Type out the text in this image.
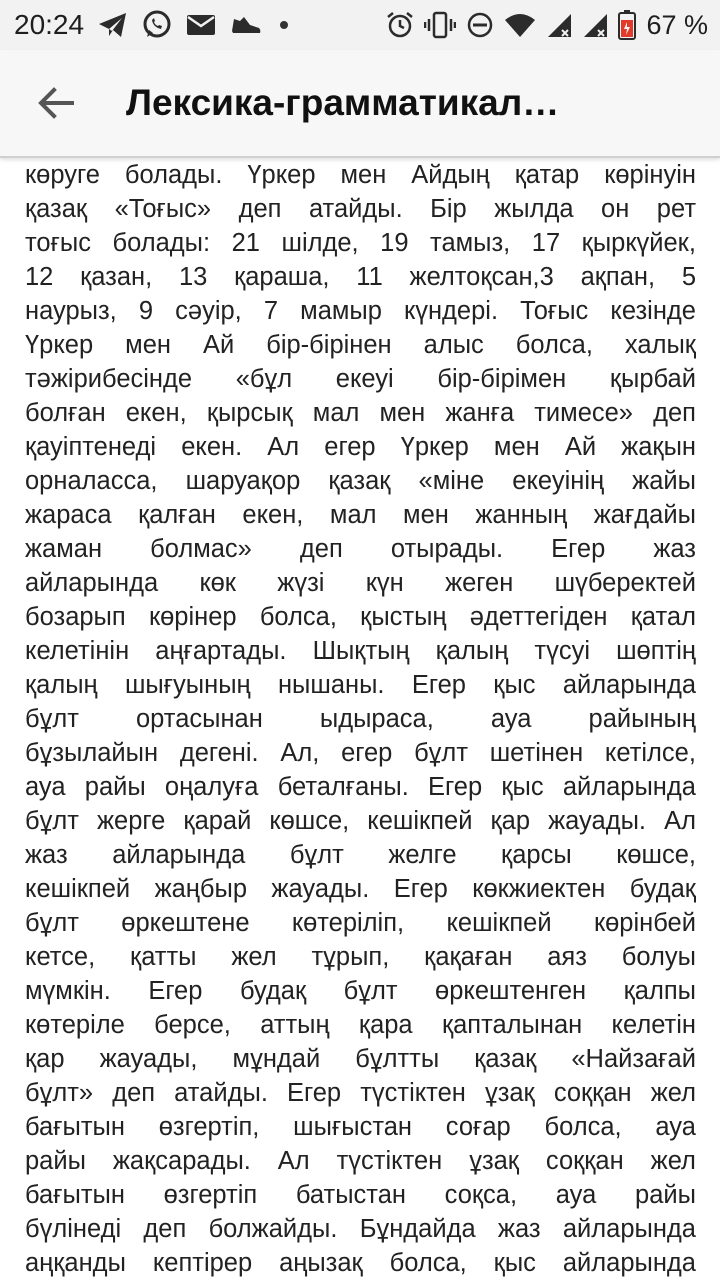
20:24	67 %
Лексика-грамматикал…
көруге болады. Үркер мен Айдың қатар көрінуін
қазақ «Тоғыс» деп атайды. Бір жылда он рет
тоғыс болады: 21 шілде, 19 тамыз, 17 қыркүйек,
12 қазан, 13 қараша, 11 желтоқсан,3 ақпан, 5
наурыз, 9 сәуір, 7 мамыр күндері. Тоғыс кезінде
Үркер мен Ай бір-бірінен алыс болса, халық
тәжірибесінде «бұл екеуі бір-бірімен қырбай
болған екен, қырсық мал мен жанға тимесе» деп
қауіптенеді екен. Ал егер Үркер мен Ай жақын
орналасса, шаруақор қазақ «міне екеуінің жайы
жараса қалған екен, мал мен жанның жағдайы
жаман болмас» деп отырады. Егер жаз
айларында көк жүзі күн жеген шүберектей
бозарып көрінер болса, қыстың әдеттегіден қатал
келетінін аңғартады. Шықтың қалың түсуі шөптің
қалың шығуының нышаны. Егер қыс айларында
бұлт ортасынан ыдыраса, ауа райының
бұзылайын дегені. Ал, егер бұлт шетінен кетілсе,
ауа райы оңалуға беталғаны. Егер қыс айларында
бұлт жерге қарай көшсе, кешікпей қар жауады. Ал
жаз айларында бұлт желге қарсы көшсе,
кешікпей жаңбыр жауады. Егер көкжиектен будақ
бұлт өркештене көтеріліп, кешікпей көрінбей
кетсе, қатты жел тұрып, қақаған аяз болуы
мүмкін. Егер будақ бұлт өркештенген қалпы
көтеріле берсе, аттың қара қапталынан келетін
қар жауады, мұндай бұлтты қазақ «Найзағай
бұлт» деп атайды. Егер түстіктен ұзақ соққан жел
бағытын өзгертіп, шығыстан соғар болса, ауа
райы жақсарады. Ал түстіктен ұзақ соққан жел
бағытын өзгертіп батыстан соқса, ауа райы
бүлінеді деп болжайды. Бұндайда жаз айларында
аңқанды кептірер аңызақ болса, қыс айларында
